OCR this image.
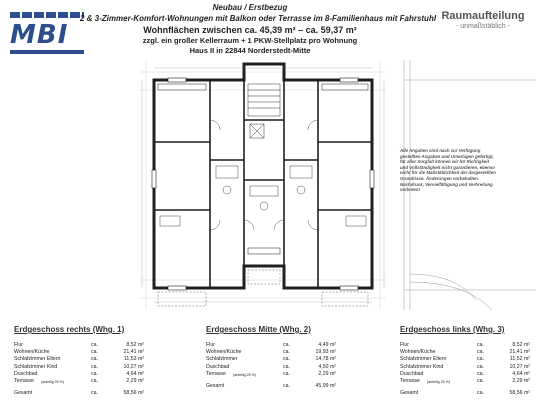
MBI
Neubau / Erstbezug
2 & 3-Zimmer-Komfort-Wohnungen mit Balkon oder Terrasse im 8-Familienhaus mit Fahrstuhl
Wohnflächen zwischen ca. 45,39 m² – ca. 59,37 m²
zzgl. ein großer Kellerraum + 1 PKW-Stellplatz pro Wohnung
Haus II in 22844 Norderstedt-Mitte
Raumaufteilung
- unmaßstäblich -
Alle Angaben sind nach zur Verfügung gestellten Angaben und Unterlagen gefertigt, für aller Sorgfalt können wir für Richtigkeit und Vollständigkeit nicht garantieren, ebenso nicht für die Maßstäblichkeit der dargestellten Grundrisse. Änderungen vorbehalten. Nachdruck, Vervielfältigung und Verbreitung verboten!
Erdgeschoss rechts (Whg. 1)
Flur	ca.	8,52 m²
Wohnen/Küche	ca.	21,41 m²
Schlafzimmer Eltern	ca.	11,53 m²
Schlafzimmer Kind	ca.	10,27 m²
Duschbad	ca.	4,64 m²
Terrasse (anteilig 25 %)	ca.	2,29 m²
Gesamt	ca.	58,56 m²
Erdgeschoss Mitte (Whg. 2)
Flur	ca.	4,49 m²
Wohnen/Küche	ca.	19,93 m²
Schlafzimmer	ca.	14,78 m²
Duschbad	ca.	4,50 m²
Terrasse (anteilig 25 %)	ca.	2,29 m²
Gesamt	ca.	45,99 m²
Erdgeschoss links (Whg. 3)
Flur	ca.	8,52 m²
Wohnen/Küche	ca.	21,41 m²
Schlafzimmer Eltern	ca.	11,52 m²
Schlafzimmer Kind	ca.	10,27 m²
Duschbad	ca.	4,64 m²
Terrasse (anteilig 25 %)	ca.	2,29 m²
Gesamt	ca.	58,56 m²
